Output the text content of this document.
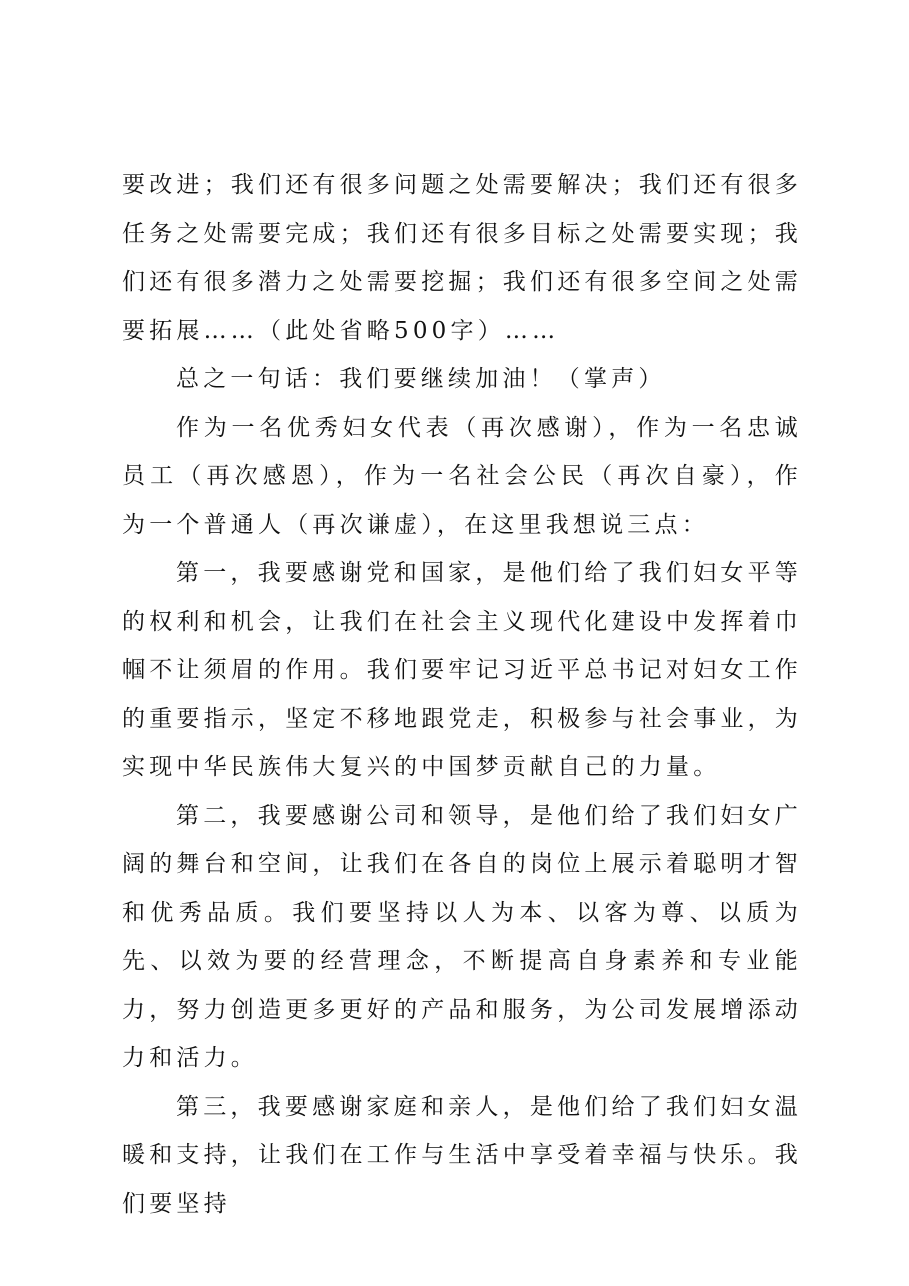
要改进；我们还有很多问题之处需要解决；我们还有很多任务之处需要完成；我们还有很多目标之处需要实现；我们还有很多潜力之处需要挖掘；我们还有很多空间之处需要拓展……（此处省略500字）……

总之一句话：我们要继续加油！（掌声）

作为一名优秀妇女代表（再次感谢），作为一名忠诚员工（再次感恩），作为一名社会公民（再次自豪），作为一个普通人（再次谦虚），在这里我想说三点：

第一，我要感谢党和国家，是他们给了我们妇女平等的权利和机会，让我们在社会主义现代化建设中发挥着巾帼不让须眉的作用。我们要牢记习近平总书记对妇女工作的重要指示，坚定不移地跟党走，积极参与社会事业，为实现中华民族伟大复兴的中国梦贡献自己的力量。

第二，我要感谢公司和领导，是他们给了我们妇女广阔的舞台和空间，让我们在各自的岗位上展示着聪明才智和优秀品质。我们要坚持以人为本、以客为尊、以质为先、以效为要的经营理念，不断提高自身素养和专业能力，努力创造更多更好的产品和服务，为公司发展增添动力和活力。

第三，我要感谢家庭和亲人，是他们给了我们妇女温暖和支持，让我们在工作与生活中享受着幸福与快乐。我们要坚持
